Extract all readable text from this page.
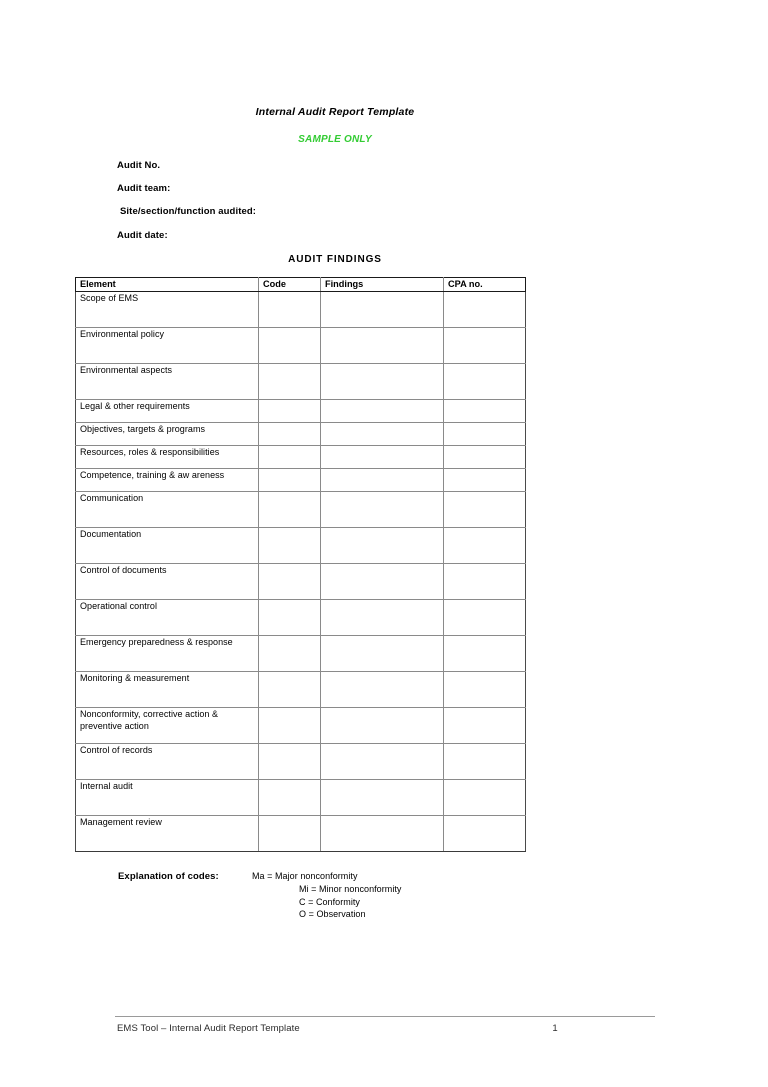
Internal Audit Report Template
SAMPLE ONLY
Audit No.
Audit team:
Site/section/function audited:
Audit date:
AUDIT FINDINGS
Element	Code	Findings	CPA no.

Scope of EMS			

Environmental policy			

Environmental aspects			

Legal & other requirements			

Objectives, targets & programs			

Resources, roles & responsibilities			

Competence, training & aw areness			

Communication			

Documentation			

Control of documents			

Operational control			

Emergency preparedness & response			

Monitoring & measurement			

Nonconformity, corrective action & preventive action			

Control of records			

Internal audit			

Management review			

Explanation of codes:	Ma = Major nonconformity
Mi = Minor nonconformity
C = Conformity
O = Observation
EMS Tool – Internal Audit Report Template	1
